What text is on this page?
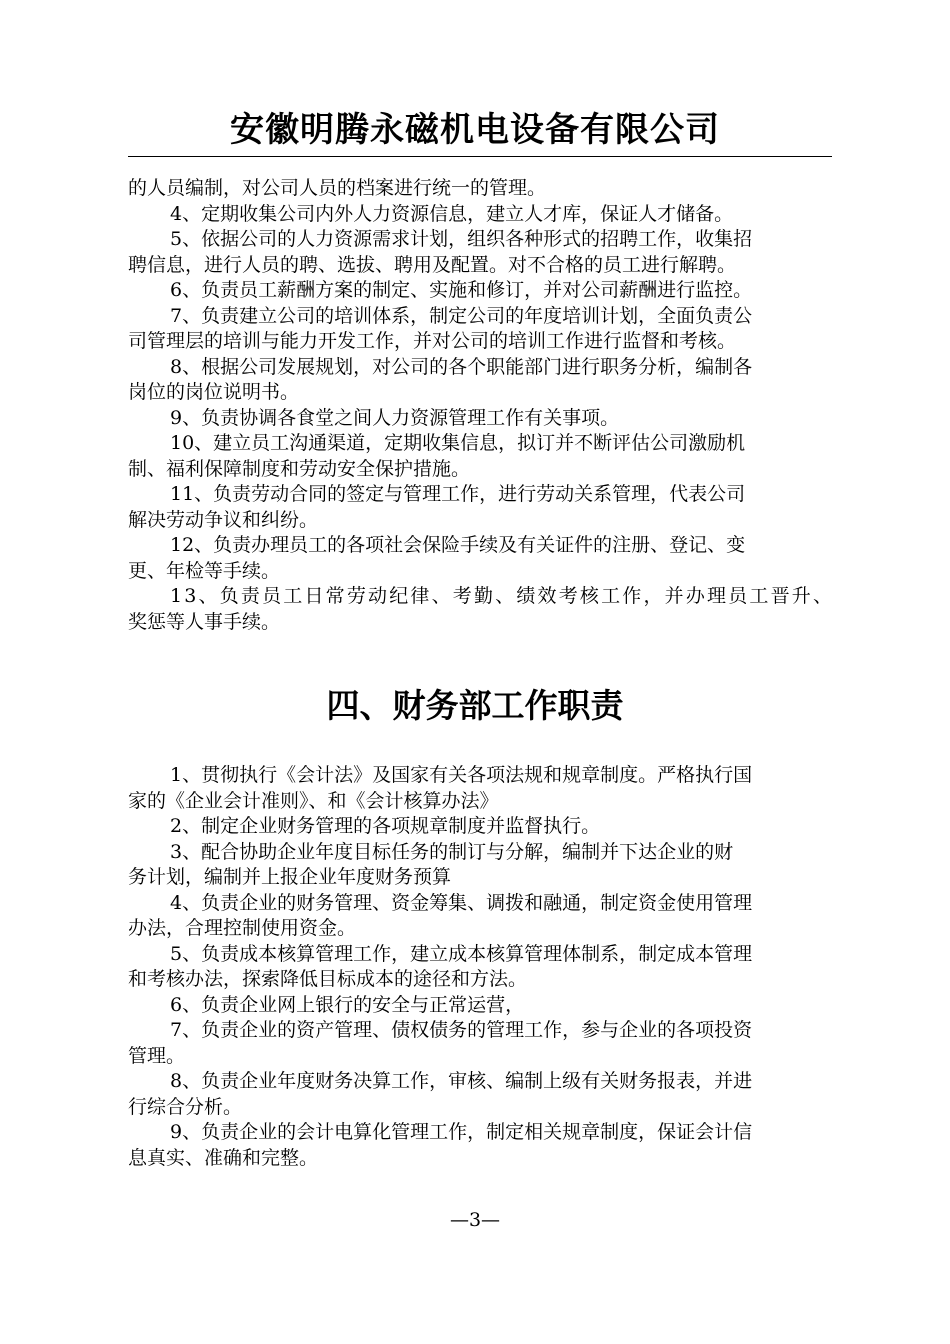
安徽明腾永磁机电设备有限公司
的人员编制，对公司人员的档案进行统一的管理。
4、定期收集公司内外人力资源信息，建立人才库，保证人才储备。
5、依据公司的人力资源需求计划，组织各种形式的招聘工作，收集招
聘信息，进行人员的聘、选拔、聘用及配置。对不合格的员工进行解聘。
6、负责员工薪酬方案的制定、实施和修订，并对公司薪酬进行监控。
7、负责建立公司的培训体系，制定公司的年度培训计划，全面负责公
司管理层的培训与能力开发工作，并对公司的培训工作进行监督和考核。
8、根据公司发展规划，对公司的各个职能部门进行职务分析，编制各
岗位的岗位说明书。
9、负责协调各食堂之间人力资源管理工作有关事项。
10、建立员工沟通渠道，定期收集信息，拟订并不断评估公司激励机
制、福利保障制度和劳动安全保护措施。
11、负责劳动合同的签定与管理工作，进行劳动关系管理，代表公司
解决劳动争议和纠纷。
12、负责办理员工的各项社会保险手续及有关证件的注册、登记、变
更、年检等手续。
13、负责员工日常劳动纪律、考勤、绩效考核工作，并办理员工晋升、
奖惩等人事手续。
四、财务部工作职责
1、贯彻执行《会计法》及国家有关各项法规和规章制度。严格执行国
家的《企业会计准则》、和《会计核算办法》
2、制定企业财务管理的各项规章制度并监督执行。
3、配合协助企业年度目标任务的制订与分解，编制并下达企业的财
务计划，编制并上报企业年度财务预算
4、负责企业的财务管理、资金筹集、调拨和融通，制定资金使用管理
办法，合理控制使用资金。
5、负责成本核算管理工作，建立成本核算管理体制系，制定成本管理
和考核办法，探索降低目标成本的途径和方法。
6、负责企业网上银行的安全与正常运营，
7、负责企业的资产管理、债权债务的管理工作，参与企业的各项投资
管理。
8、负责企业年度财务决算工作，审核、编制上级有关财务报表，并进
行综合分析。
9、负责企业的会计电算化管理工作，制定相关规章制度，保证会计信
息真实、准确和完整。
—3—
